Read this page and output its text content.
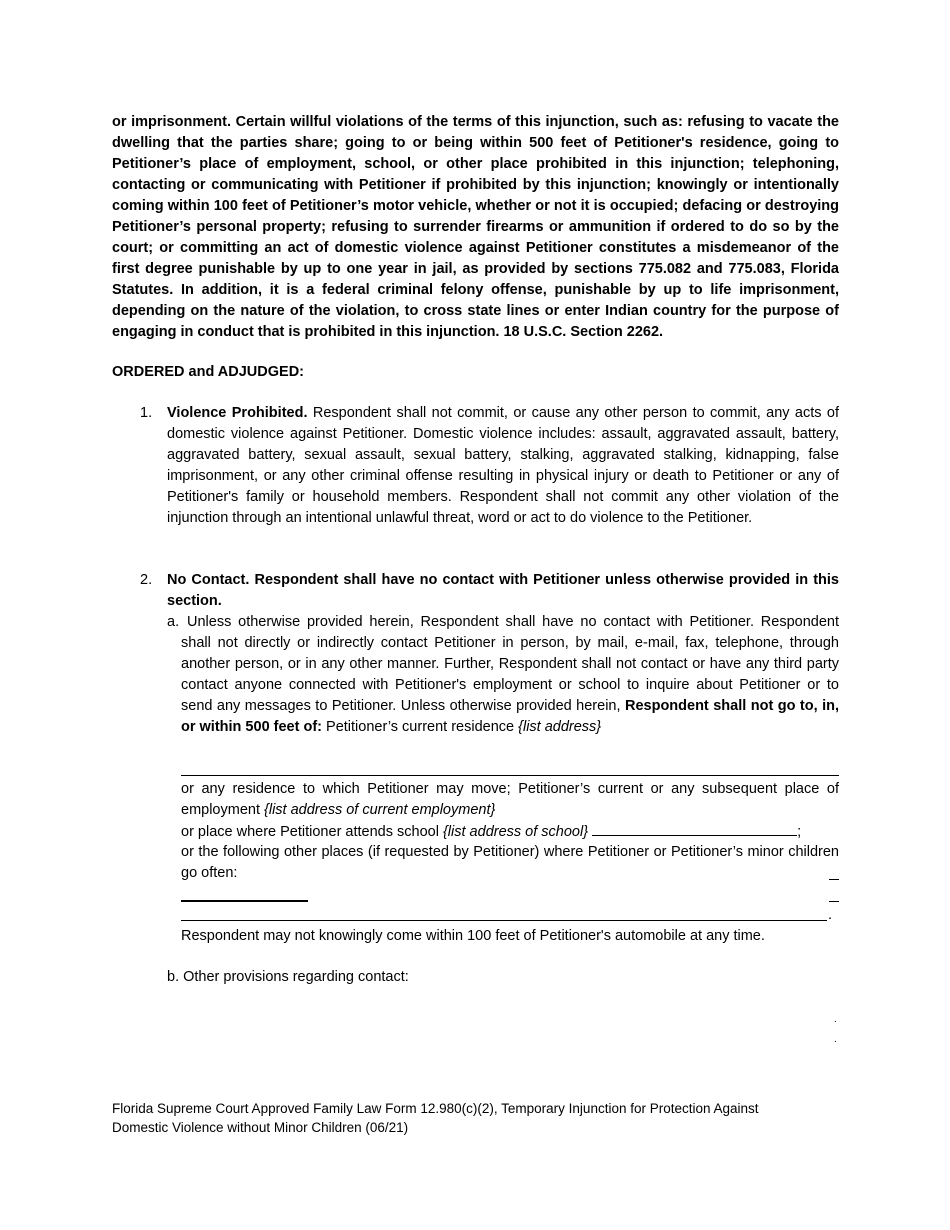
or imprisonment. Certain willful violations of the terms of this injunction, such as: refusing to vacate the dwelling that the parties share; going to or being within 500 feet of Petitioner's residence, going to Petitioner’s place of employment, school, or other place prohibited in this injunction; telephoning, contacting or communicating with Petitioner if prohibited by this injunction; knowingly or intentionally coming within 100 feet of Petitioner’s motor vehicle, whether or not it is occupied; defacing or destroying Petitioner’s personal property; refusing to surrender firearms or ammunition if ordered to do so by the court; or committing an act of domestic violence against Petitioner constitutes a misdemeanor of the first degree punishable by up to one year in jail, as provided by sections 775.082 and 775.083, Florida Statutes. In addition, it is a federal criminal felony offense, punishable by up to life imprisonment, depending on the nature of the violation, to cross state lines or enter Indian country for the purpose of engaging in conduct that is prohibited in this injunction. 18 U.S.C. Section 2262.
ORDERED and ADJUDGED:
1. Violence Prohibited. Respondent shall not commit, or cause any other person to commit, any acts of domestic violence against Petitioner. Domestic violence includes: assault, aggravated assault, battery, aggravated battery, sexual assault, sexual battery, stalking, aggravated stalking, kidnapping, false imprisonment, or any other criminal offense resulting in physical injury or death to Petitioner or any of Petitioner's family or household members. Respondent shall not commit any other violation of the injunction through an intentional unlawful threat, word or act to do violence to the Petitioner.
2. No Contact. Respondent shall have no contact with Petitioner unless otherwise provided in this section.
a. Unless otherwise provided herein, Respondent shall have no contact with Petitioner. Respondent shall not directly or indirectly contact Petitioner in person, by mail, e-mail, fax, telephone, through another person, or in any other manner. Further, Respondent shall not contact or have any third party contact anyone connected with Petitioner's employment or school to inquire about Petitioner or to send any messages to Petitioner. Unless otherwise provided herein, Respondent shall not go to, in, or within 500 feet of: Petitioner’s current residence {list address}
or any residence to which Petitioner may move; Petitioner’s current or any subsequent place of employment {list address of current employment}
or place where Petitioner attends school {list address of school}	;
or the following other places (if requested by Petitioner) where Petitioner or Petitioner’s minor children go often:
.
Respondent may not knowingly come within 100 feet of Petitioner's automobile at any time.
b. Other provisions regarding contact:
.
.
Florida Supreme Court Approved Family Law Form 12.980(c)(2), Temporary Injunction for Protection Against
Domestic Violence without Minor Children (06/21)
